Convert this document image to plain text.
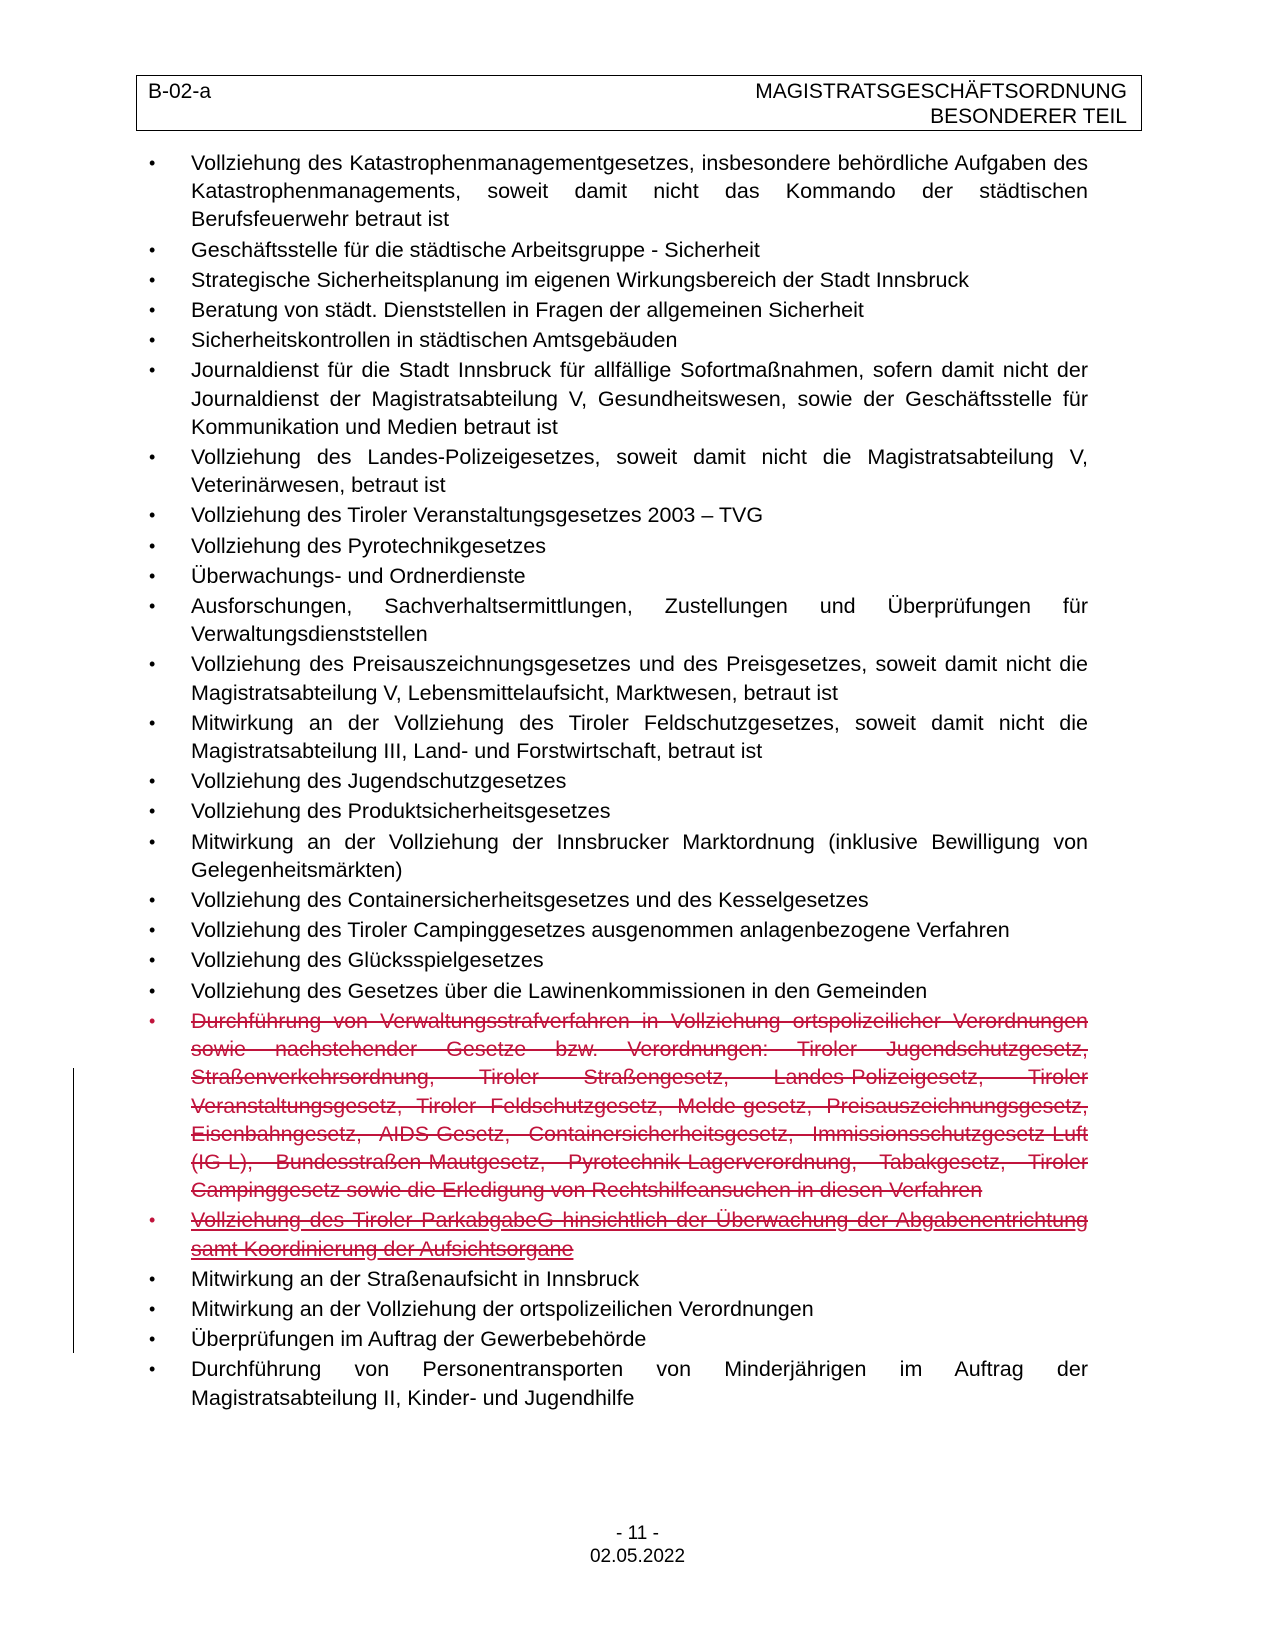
B-02-a	MAGISTRATSGESCHÄFTSORDNUNG
BESONDERER TEIL
• Vollziehung des Katastrophenmanagementgesetzes, insbesondere behördliche Aufgaben des Katastrophenmanagements, soweit damit nicht das Kommando der städtischen Berufsfeuerwehr betraut ist
• Geschäftsstelle für die städtische Arbeitsgruppe - Sicherheit
• Strategische Sicherheitsplanung im eigenen Wirkungsbereich der Stadt Innsbruck
• Beratung von städt. Dienststellen in Fragen der allgemeinen Sicherheit
• Sicherheitskontrollen in städtischen Amtsgebäuden
• Journaldienst für die Stadt Innsbruck für allfällige Sofortmaßnahmen, sofern damit nicht der Journaldienst der Magistratsabteilung V, Gesundheitswesen, sowie der Geschäftsstelle für Kommunikation und Medien betraut ist
• Vollziehung des Landes-Polizeigesetzes, soweit damit nicht die Magistratsabteilung V, Veterinärwesen, betraut ist
• Vollziehung des Tiroler Veranstaltungsgesetzes 2003 – TVG
• Vollziehung des Pyrotechnikgesetzes
• Überwachungs- und Ordnerdienste
• Ausforschungen, Sachverhaltsermittlungen, Zustellungen und Überprüfungen für Verwaltungsdienststellen
• Vollziehung des Preisauszeichnungsgesetzes und des Preisgesetzes, soweit damit nicht die Magistratsabteilung V, Lebensmittelaufsicht, Marktwesen, betraut ist
• Mitwirkung an der Vollziehung des Tiroler Feldschutzgesetzes, soweit damit nicht die Magistratsabteilung III, Land- und Forstwirtschaft, betraut ist
• Vollziehung des Jugendschutzgesetzes
• Vollziehung des Produktsicherheitsgesetzes
• Mitwirkung an der Vollziehung der Innsbrucker Marktordnung (inklusive Bewilligung von Gelegenheitsmärkten)
• Vollziehung des Containersicherheitsgesetzes und des Kesselgesetzes
• Vollziehung des Tiroler Campinggesetzes ausgenommen anlagenbezogene Verfahren
• Vollziehung des Glücksspielgesetzes
• Vollziehung des Gesetzes über die Lawinenkommissionen in den Gemeinden
• Durchführung von Verwaltungsstrafverfahren in Vollziehung ortspolizeilicher Verordnungen sowie nachstehender Gesetze bzw. Verordnungen: Tiroler Jugendschutzgesetz, Straßenverkehrsordnung, Tiroler Straßengesetz, Landes-Polizeigesetz, Tiroler Veranstaltungsgesetz, Tiroler Feldschutzgesetz, Melde-gesetz, Preisauszeichnungsgesetz, Eisenbahngesetz, AIDS-Gesetz, Containersicherheitsgesetz, Immissionsschutzgesetz-Luft (IG-L), Bundesstraßen-Mautgesetz, Pyrotechnik-Lagerverordnung, Tabakgesetz, Tiroler Campinggesetz sowie die Erledigung von Rechtshilfeansuchen in diesen Verfahren
• Vollziehung des Tiroler ParkabgabeG hinsichtlich der Überwachung der Abgabenentrichtung samt Koordinierung der Aufsichtsorgane
• Mitwirkung an der Straßenaufsicht in Innsbruck
• Mitwirkung an der Vollziehung der ortspolizeilichen Verordnungen
• Überprüfungen im Auftrag der Gewerbebehörde
• Durchführung von Personentransporten von Minderjährigen im Auftrag der Magistratsabteilung II, Kinder- und Jugendhilfe
- 11 -
02.05.2022
